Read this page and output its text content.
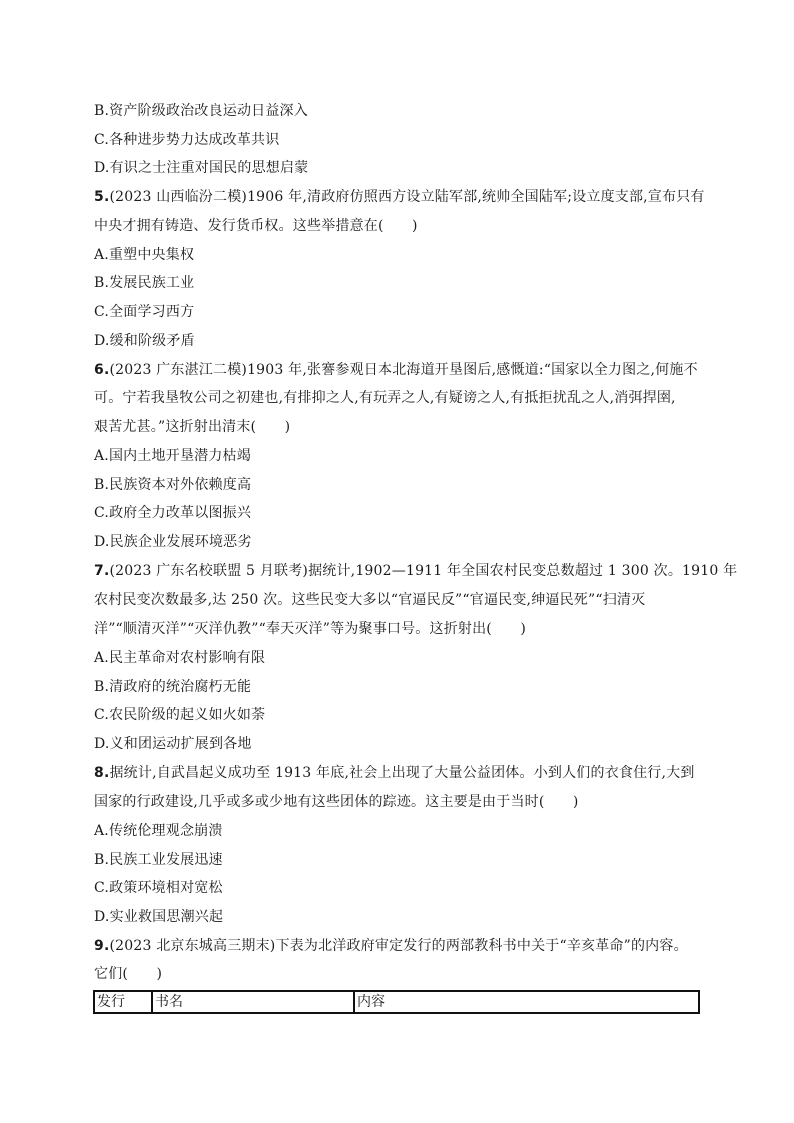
B.资产阶级政治改良运动日益深入
C.各种进步势力达成改革共识
D.有识之士注重对国民的思想启蒙
5.(2023 山西临汾二模)1906 年,清政府仿照西方设立陆军部,统帅全国陆军;设立度支部,宣布只有
中央才拥有铸造、发行货币权。这些举措意在(　　)
A.重塑中央集权
B.发展民族工业
C.全面学习西方
D.缓和阶级矛盾
6.(2023 广东湛江二模)1903 年,张謇参观日本北海道开垦图后,感慨道:“国家以全力图之,何施不
可。宁若我垦牧公司之初建也,有排抑之人,有玩弄之人,有疑谤之人,有抵拒扰乱之人,消弭捍圉,
艰苦尤甚。”这折射出清末(　　)
A.国内土地开垦潜力枯竭
B.民族资本对外依赖度高
C.政府全力改革以图振兴
D.民族企业发展环境恶劣
7.(2023 广东名校联盟 5 月联考)据统计,1902—1911 年全国农村民变总数超过 1 300 次。1910 年
农村民变次数最多,达 250 次。这些民变大多以“官逼民反”“官逼民变,绅逼民死”“扫清灭
洋”“顺清灭洋”“灭洋仇教”“奉天灭洋”等为聚事口号。这折射出(　　)
A.民主革命对农村影响有限
B.清政府的统治腐朽无能
C.农民阶级的起义如火如荼
D.义和团运动扩展到各地
8.据统计,自武昌起义成功至 1913 年底,社会上出现了大量公益团体。小到人们的衣食住行,大到
国家的行政建设,几乎或多或少地有这些团体的踪迹。这主要是由于当时(　　)
A.传统伦理观念崩溃
B.民族工业发展迅速
C.政策环境相对宽松
D.实业救国思潮兴起
9.(2023 北京东城高三期末)下表为北洋政府审定发行的两部教科书中关于“辛亥革命”的内容。
它们(　　)
发行	书名	内容
